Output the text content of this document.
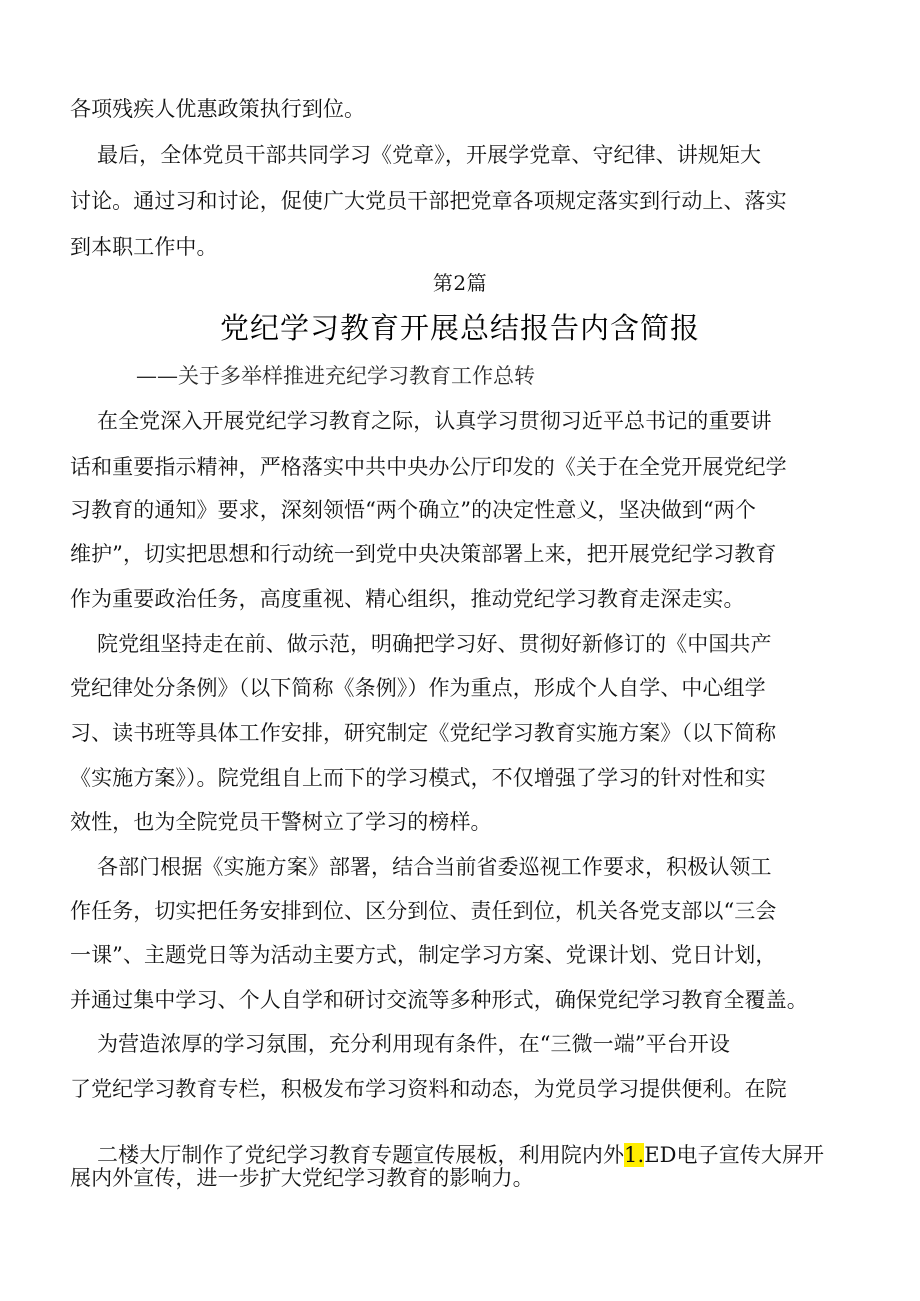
各项残疾人优惠政策执行到位。
最后，全体党员干部共同学习《党章》，开展学党章、守纪律、讲规矩大
讨论。通过习和讨论，促使广大党员干部把党章各项规定落实到行动上、落实
到本职工作中。
第2篇
党纪学习教育开展总结报告内含简报
——关于多举样推进充纪学习教育工作总转
在全党深入开展党纪学习教育之际，认真学习贯彻习近平总书记的重要讲
话和重要指示精神，严格落实中共中央办公厅印发的《关于在全党开展党纪学
习教育的通知》要求，深刻领悟“两个确立”的决定性意义，坚决做到“两个
维护”，切实把思想和行动统一到党中央决策部署上来，把开展党纪学习教育
作为重要政治任务，高度重视、精心组织，推动党纪学习教育走深走实。
院党组坚持走在前、做示范，明确把学习好、贯彻好新修订的《中国共产
党纪律处分条例》（以下简称《条例》）作为重点，形成个人自学、中心组学
习、读书班等具体工作安排，研究制定《党纪学习教育实施方案》（以下简称
《实施方案》）。院党组自上而下的学习模式，不仅增强了学习的针对性和实
效性，也为全院党员干警树立了学习的榜样。
各部门根据《实施方案》部署，结合当前省委巡视工作要求，积极认领工
作任务，切实把任务安排到位、区分到位、责任到位，机关各党支部以“三会
一课”、主题党日等为活动主要方式，制定学习方案、党课计划、党日计划，
并通过集中学习、个人自学和研讨交流等多种形式，确保党纪学习教育全覆盖。
为营造浓厚的学习氛围，充分利用现有条件，在“三微一端”平台开设
了党纪学习教育专栏，积极发布学习资料和动态，为党员学习提供便利。在院

二楼大厅制作了党纪学习教育专题宣传展板，利用院内外1.ED电子宣传大屏开

展内外宣传，进一步扩大党纪学习教育的影响力。
